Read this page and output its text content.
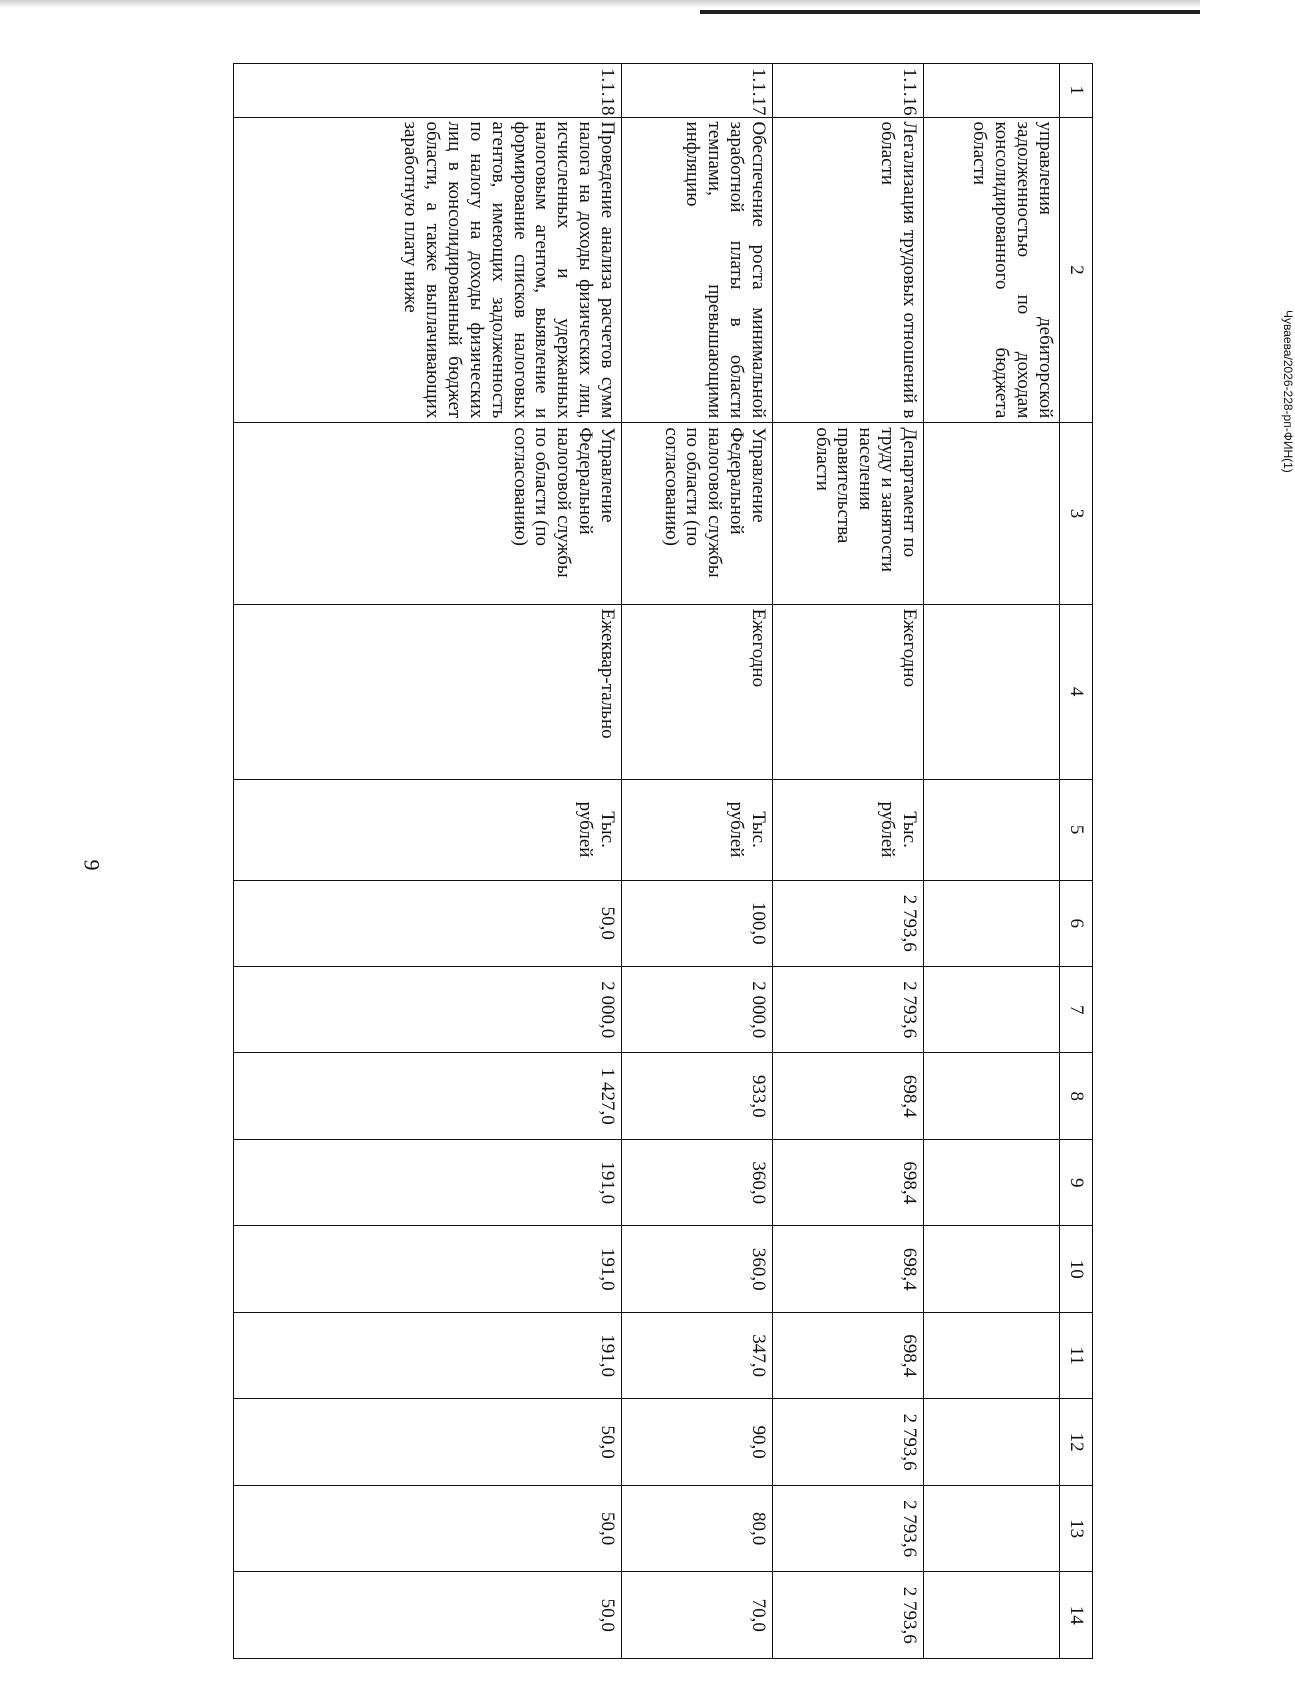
9
1	2	3	4	5	6	7	8	9	10	11	12	13	14
	управления дебиторской задолженностью по доходам консолидированного бюджета области												
1.1.16	Легализация трудовых отношений в области	Департамент по труду и занятости населения правительства области	Ежегодно	Тыс. рублей	2 793,6	2 793,6	698,4	698,4	698,4	698,4	2 793,6	2 793,6	2 793,6
1.1.17	Обеспечение роста минимальной заработной платы в области темпами, превышающими инфляцию	Управление Федеральной налоговой службы по области (по согласованию)	Ежегодно	Тыс. рублей	100,0	2 000,0	933,0	360,0	360,0	347,0	90,0	80,0	70,0
1.1.18	Проведение анализа расчетов сумм налога на доходы физических лиц, исчисленных и удержанных налоговым агентом, выявление и формирование списков налоговых агентов, имеющих задолженность по налогу на доходы физических лиц в консолидированный бюджет области, а также выплачивающих заработную плату ниже	Управление Федеральной налоговой службы по области (по согласованию)	Ежеквар-тально	Тыс. рублей	50,0	2 000,0	1 427,0	191,0	191,0	191,0	50,0	50,0	50,0
Чуваева/2026-228-рп-ФИН(1)
